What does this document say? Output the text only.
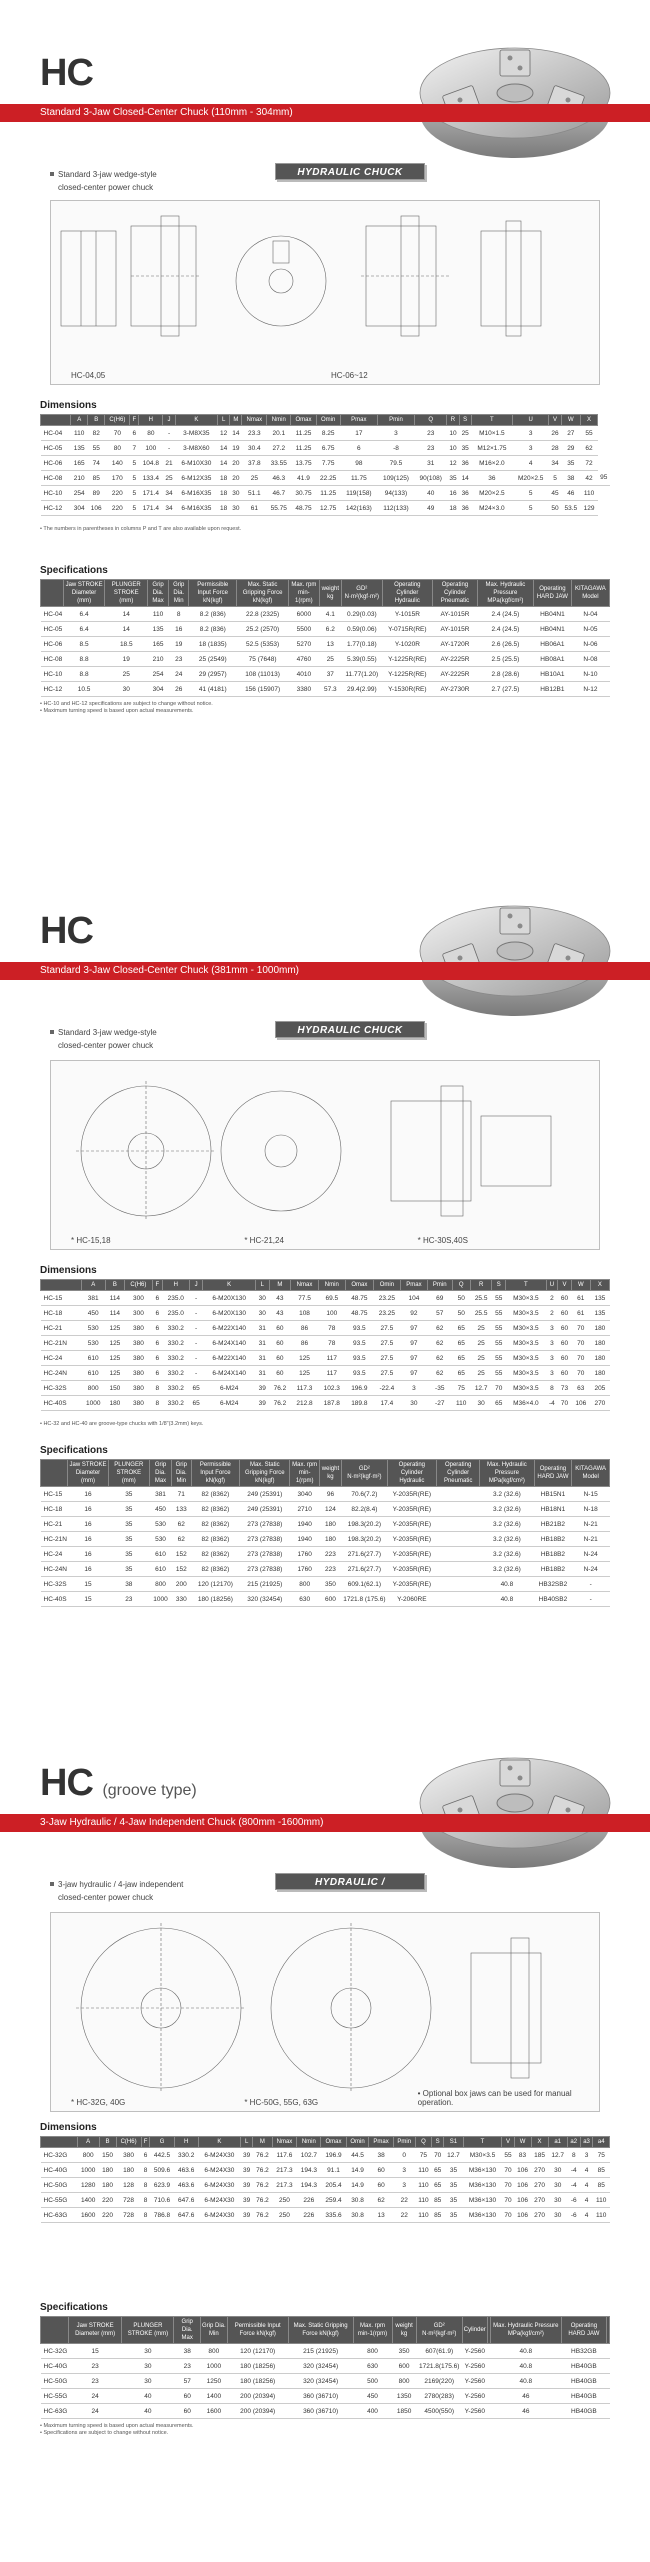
HC
Standard 3-Jaw Closed-Center Chuck (110mm - 304mm)
Standard 3-jaw wedge-style
closed-center power chuck
HYDRAULIC CHUCK
HC-04,05	HC-06~12
Dimensions
	A	B	C(H6)	F	H	J	K	L	M	Nmax	Nmin	Omax	Omin	Pmax	Pmin	Q	R	S	T	U	V	W	X	
HC-04	110	82	70	6	80	-	3-M8X35	12	14	23.3	20.1	11.25	8.25	17	3	23	10	25	M10×1.5	3	26	27	55	
HC-05	135	55	80	7	100	-	3-M8X60	14	19	30.4	27.2	11.25	6.75	6	-8	23	10	35	M12×1.75	3	28	29	62	
HC-06	165	74	140	5	104.8	21	6-M10X30	14	20	37.8	33.55	13.75	7.75	98	79.5	31	12	36	M16×2.0	4	34	35	72	
HC-08	210	85	170	5	133.4	25	6-M12X35	18	20	25	46.3	41.9	22.25	11.75	109(125)	90(108)	35	14	36	M20×2.5	5	38	42	95
HC-10	254	89	220	5	171.4	34	6-M16X35	18	30	51.1	46.7	30.75	11.25	119(158)	94(133)	40	16	36	M20×2.5	5	45	46	110	
HC-12	304	106	220	5	171.4	34	6-M16X35	18	30	61	55.75	48.75	12.75	142(163)	112(133)	49	18	36	M24×3.0	5	50	53.5	129	
• The numbers in parentheses in columns P and T are also available upon request.
Specifications
	Jaw STROKE Diameter (mm)	PLUNGER STROKE (mm)	Grip Dia. Max	Grip Dia. Min	Permissible Input Force kN(kgf)	Max. Static Gripping Force kN(kgf)	Max. rpm min-1(rpm)	weight kg	GD² N·m²(kgf·m²)	Operating Cylinder Hydraulic	Operating Cylinder Pneumatic	Max. Hydraulic Pressure MPa(kgf/cm²)	Operating HARD JAW	KITAGAWA Model
HC-04	6.4	14	110	8	8.2 (836)	22.8 (2325)	6000	4.1	0.29(0.03)	Y-1015R	AY-1015R	2.4 (24.5)	HB04N1	N-04
HC-05	6.4	14	135	16	8.2 (836)	25.2 (2570)	5500	6.2	0.59(0.06)	Y-0715R(RE)	AY-1015R	2.4 (24.5)	HB04N1	N-05
HC-06	8.5	18.5	165	19	18 (1835)	52.5 (5353)	5270	13	1.77(0.18)	Y-1020R	AY-1720R	2.6 (26.5)	HB06A1	N-06
HC-08	8.8	19	210	23	25 (2549)	75 (7648)	4760	25	5.39(0.55)	Y-1225R(RE)	AY-2225R	2.5 (25.5)	HB08A1	N-08
HC-10	8.8	25	254	24	29 (2957)	108 (11013)	4010	37	11.77(1.20)	Y-1225R(RE)	AY-2225R	2.8 (28.6)	HB10A1	N-10
HC-12	10.5	30	304	26	41 (4181)	156 (15907)	3380	57.3	29.4(2.99)	Y-1530R(RE)	AY-2730R	2.7 (27.5)	HB12B1	N-12
• HC-10 and HC-12 specifications are subject to change without notice.
• Maximum turning speed is based upon actual measurements.
HC
Standard 3-Jaw Closed-Center Chuck (381mm - 1000mm)
Standard 3-jaw wedge-style
closed-center power chuck
HYDRAULIC CHUCK
* HC-15,18	* HC-21,24	* HC-30S,40S
Dimensions
	A	B	C(H6)	F	H	J	K	L	M	Nmax	Nmin	Omax	Omin	Pmax	Pmin	Q	R	S	T	U	V	W	X
HC-15	381	114	300	6	235.0	-	6-M20X130	30	43	77.5	69.5	48.75	23.25	104	69	50	25.5	55	M30×3.5	2	60	61	135
HC-18	450	114	300	6	235.0	-	6-M20X130	30	43	108	100	48.75	23.25	92	57	50	25.5	55	M30×3.5	2	60	61	135
HC-21	530	125	380	6	330.2	-	6-M22X140	31	60	86	78	93.5	27.5	97	62	65	25	55	M30×3.5	3	60	70	180
HC-21N	530	125	380	6	330.2	-	6-M24X140	31	60	86	78	93.5	27.5	97	62	65	25	55	M30×3.5	3	60	70	180
HC-24	610	125	380	6	330.2	-	6-M22X140	31	60	125	117	93.5	27.5	97	62	65	25	55	M30×3.5	3	60	70	180
HC-24N	610	125	380	6	330.2	-	6-M24X140	31	60	125	117	93.5	27.5	97	62	65	25	55	M30×3.5	3	60	70	180
HC-32S	800	150	380	8	330.2	65	6-M24	39	76.2	117.3	102.3	196.9	-22.4	3	-35	75	12.7	70	M30×3.5	8	73	63	205
HC-40S	1000	180	380	8	330.2	65	6-M24	39	76.2	212.8	187.8	189.8	17.4	30	-27	110	30	65	M36×4.0	-4	70	106	270
• HC-32 and HC-40 are groove-type chucks with 1/8"(3.2mm) keys.
Specifications
	Jaw STROKE Diameter (mm)	PLUNGER STROKE (mm)	Grip Dia. Max	Grip Dia. Min	Permissible Input Force kN(kgf)	Max. Static Gripping Force kN(kgf)	Max. rpm min-1(rpm)	weight kg	GD² N·m²(kgf·m²)	Operating Cylinder Hydraulic	Operating Cylinder Pneumatic	Max. Hydraulic Pressure MPa(kgf/cm²)	Operating HARD JAW	KITAGAWA Model
HC-15	16	35	381	71	82 (8362)	249 (25391)	3040	96	70.6(7.2)	Y-2035R(RE)		3.2 (32.6)	HB15N1	N-15
HC-18	16	35	450	133	82 (8362)	249 (25391)	2710	124	82.2(8.4)	Y-2035R(RE)		3.2 (32.6)	HB18N1	N-18
HC-21	16	35	530	62	82 (8362)	273 (27838)	1940	180	198.3(20.2)	Y-2035R(RE)		3.2 (32.6)	HB21B2	N-21
HC-21N	16	35	530	62	82 (8362)	273 (27838)	1940	180	198.3(20.2)	Y-2035R(RE)		3.2 (32.6)	HB18B2	N-21
HC-24	16	35	610	152	82 (8362)	273 (27838)	1760	223	271.6(27.7)	Y-2035R(RE)		3.2 (32.6)	HB18B2	N-24
HC-24N	16	35	610	152	82 (8362)	273 (27838)	1760	223	271.6(27.7)	Y-2035R(RE)		3.2 (32.6)	HB18B2	N-24
HC-32S	15	38	800	200	120 (12170)	215 (21925)	800	350	609.1(62.1)	Y-2035R(RE)		40.8	HB32SB2	-
HC-40S	15	23	1000	330	180 (18256)	320 (32454)	630	600	1721.8 (175.6)	Y-2060RE		40.8	HB40SB2	-
HC (groove type)
3-Jaw Hydraulic / 4-Jaw Independent Chuck (800mm -1600mm)
3-jaw hydraulic / 4-jaw independent
closed-center power chuck
HYDRAULIC / INDEPENDENT CHUCK
* HC-32G, 40G	* HC-50G, 55G, 63G
• Optional box jaws can be used for manual operation.
Dimensions
	A	B	C(H6)	F	G	H	K	L	M	Nmax	Nmin	Omax	Omin	Pmax	Pmin	Q	S	S1	T	V	W	X	a1	a2	a3	a4
HC-32G	800	150	380	6	442.5	330.2	6-M24X30	39	76.2	117.6	102.7	196.9	44.5	38	0	75	70	12.7	M30×3.5	55	83	185	12.7	8	3	75
HC-40G	1000	180	180	8	509.6	463.6	6-M24X30	39	76.2	217.3	194.3	91.1	14.9	60	3	110	65	35	M36×130	70	106	270	30	-4	4	85
HC-50G	1280	180	128	8	623.9	463.6	6-M24X30	39	76.2	217.3	194.3	205.4	14.9	60	3	110	65	35	M36×130	70	106	270	30	-4	4	85
HC-55G	1400	220	728	8	710.6	647.6	6-M24X30	39	76.2	250	226	259.4	30.8	62	22	110	85	35	M36×130	70	106	270	30	-6	4	110
HC-63G	1600	220	728	8	786.8	647.6	6-M24X30	39	76.2	250	226	335.6	30.8	13	22	110	85	35	M36×130	70	106	270	30	-6	4	110
Specifications
	Jaw STROKE Diameter (mm)	PLUNGER STROKE (mm)	Grip Dia. Max	Grip Dia. Min	Permissible Input Force kN(kgf)	Max. Static Gripping Force kN(kgf)	Max. rpm min-1(rpm)	weight kg	GD² N·m²(kgf·m²)	Cylinder		Max. Hydraulic Pressure MPa(kgf/cm²)	Operating HARD JAW	
HC-32G	15	30	38	800	120 (12170)	215 (21925)	800	350	607(61.9)	Y-2560		40.8	HB32GB	
HC-40G	23	30	23	1000	180 (18256)	320 (32454)	630	600	1721.8(175.6)	Y-2560		40.8	HB40GB	
HC-50G	23	30	57	1250	180 (18256)	320 (32454)	500	800	2169(220)	Y-2560		40.8	HB40GB	
HC-55G	24	40	60	1400	200 (20394)	360 (36710)	450	1350	2780(283)	Y-2560		46	HB40GB	
HC-63G	24	40	60	1600	200 (20394)	360 (36710)	400	1850	4500(550)	Y-2560		46	HB40GB	
• Maximum turning speed is based upon actual measurements.
• Specifications are subject to change without notice.
